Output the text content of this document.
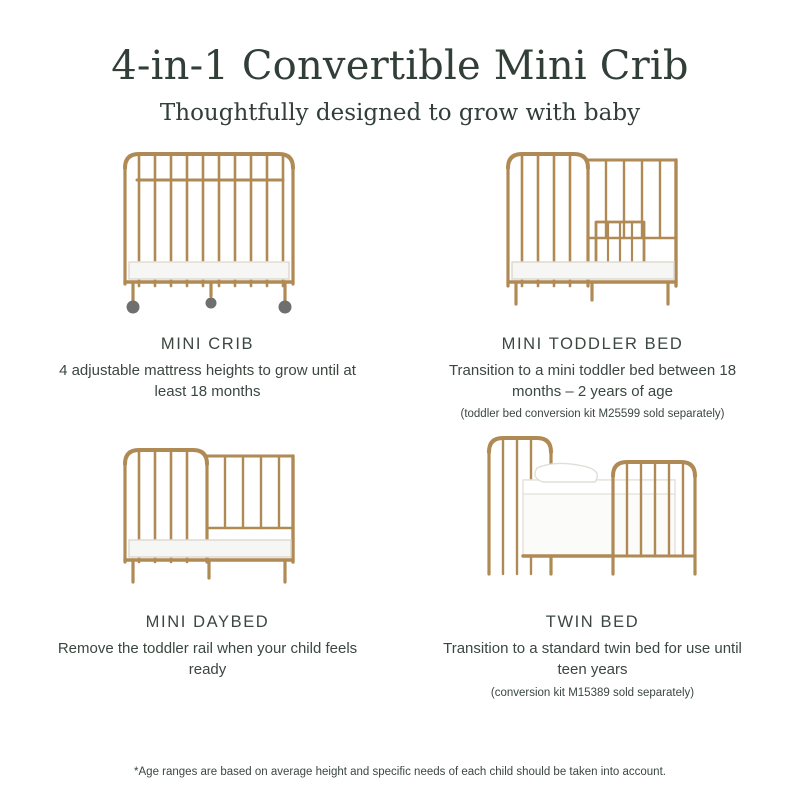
4-in-1 Convertible Mini Crib
Thoughtfully designed to grow with baby
MINI CRIB
4 adjustable mattress heights to grow until at least 18 months
MINI TODDLER BED
Transition to a mini toddler bed between 18 months – 2 years of age
(toddler bed conversion kit M25599 sold separately)
MINI DAYBED
Remove the toddler rail when your child feels ready
TWIN BED
Transition to a standard twin bed for use until teen years
(conversion kit M15389 sold separately)
*Age ranges are based on average height and specific needs of each child should be taken into account.
